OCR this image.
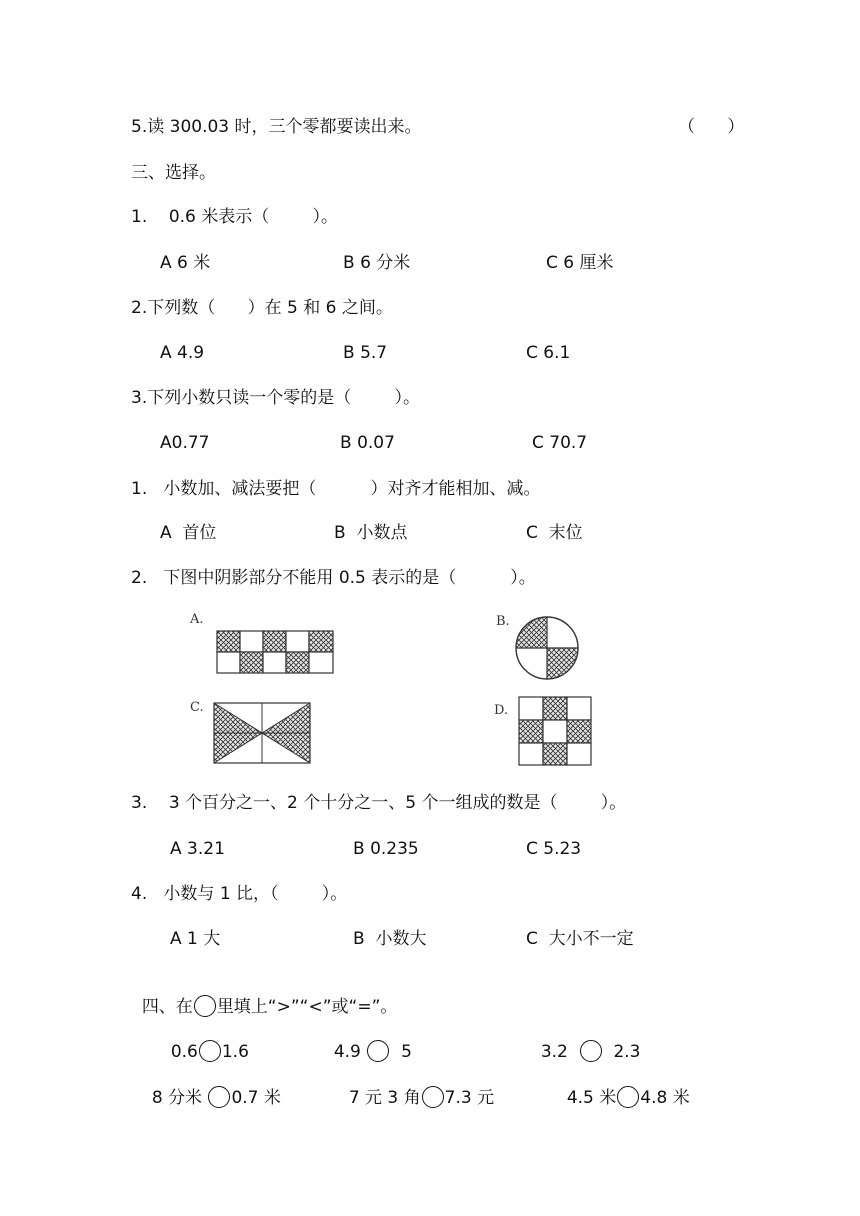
5.读 300.03 时，三个零都要读出来。	（      ）
三、选择。
1.    0.6 米表示（        ）。
A 6 米	B 6 分米	C 6 厘米
2.下列数（      ）在 5 和 6 之间。
A 4.9	B 5.7	C 6.1
3.下列小数只读一个零的是（        ）。
A0.77	B 0.07	C 70.7
1.   小数加、减法要把（          ）对齐才能相加、减。
A  首位	B  小数点	C  末位
2.   下图中阴影部分不能用 0.5 表示的是（          ）。
A.	B.
C.	D.
3.    3 个百分之一、2 个十分之一、5 个一组成的数是（        ）。
A 3.21	B 0.235	C 5.23
4.   小数与 1 比，（        ）。
A 1 大	B  小数大	C  大小不一定

四、在 里填上“>”“<”或“=”。

0.6 1.6	4.9   5	3.2    2.3

8 分米 0.7 米	7 元 3 角 7.3 元	4.5 米 4.8 米
